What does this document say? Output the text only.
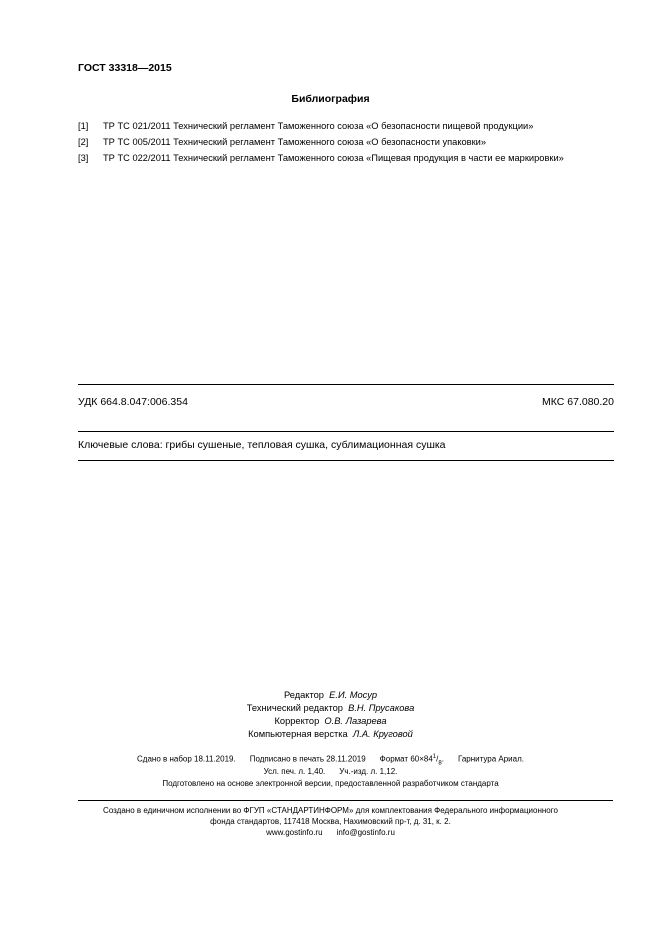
ГОСТ 33318—2015
Библиография
[1] ТР ТС 021/2011 Технический регламент Таможенного союза «О безопасности пищевой продукции»
[2] ТР ТС 005/2011 Технический регламент Таможенного союза «О безопасности упаковки»
[3] ТР ТС 022/2011 Технический регламент Таможенного союза «Пищевая продукция в части ее маркировки»
УДК 664.8.047:006.354	МКС 67.080.20
Ключевые слова: грибы сушеные, тепловая сушка, сублимационная сушка
Редактор Е.И. Мосур
Технический редактор В.Н. Прусакова
Корректор О.В. Лазарева
Компьютерная верстка Л.А. Круговой
Сдано в набор 18.11.2019. Подписано в печать 28.11.2019 Формат $60\times 84^1/_8$. Гарнитура Ариал.
Усл. печ. л. 1,40. Уч.-изд. л. 1,12.
Подготовлено на основе электронной версии, предоставленной разработчиком стандарта
Создано в единичном исполнении во ФГУП «СТАНДАРТИНФОРМ» для комплектования Федерального информационного
фонда стандартов, 117418 Москва, Нахимовский пр-т, д. 31, к. 2.
www.gostinfo.ru info@gostinfo.ru
